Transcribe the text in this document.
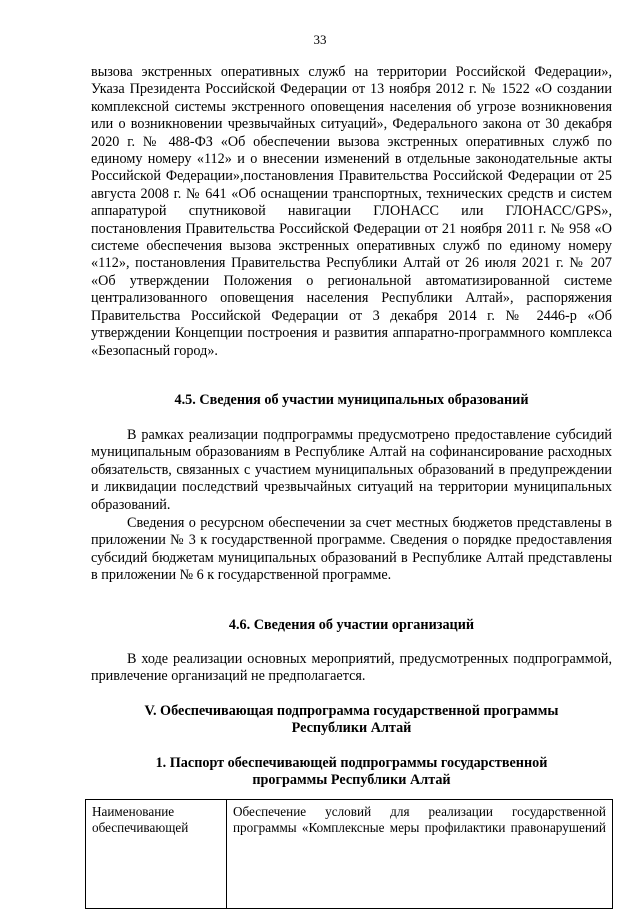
33

вызова экстренных оперативных служб на территории Российской Федерации», Указа Президента Российской Федерации от 13 ноября 2012 г. № 1522 «О создании комплексной системы экстренного оповещения населения об угрозе возникновения или о возникновении чрезвычайных ситуаций», Федерального закона от 30 декабря 2020 г. № 488-ФЗ «Об обеспечении вызова экстренных оперативных служб по единому номеру «112» и о внесении изменений в отдельные законодательные акты Российской Федерации»,постановления Правительства Российской Федерации от 25 августа 2008 г. № 641 «Об оснащении транспортных, технических средств и систем аппаратурой спутниковой навигации ГЛОНАСС или ГЛОНАСС/GPS», постановления Правительства Российской Федерации от 21 ноября 2011 г. № 958 «О системе обеспечения вызова экстренных оперативных служб по единому номеру «112», постановления Правительства Республики Алтай от 26 июля 2021 г. № 207 «Об утверждении Положения о региональной автоматизированной системе централизованного оповещения населения Республики Алтай», распоряжения Правительства Российской Федерации от 3 декабря 2014 г. № 2446-р «Об утверждении Концепции построения и развития аппаратно-программного комплекса «Безопасный город».

4.5. Сведения об участии муниципальных образований

В рамках реализации подпрограммы предусмотрено предоставление субсидий муниципальным образованиям в Республике Алтай на софинансирование расходных обязательств, связанных с участием муниципальных образований в предупреждении и ликвидации последствий чрезвычайных ситуаций на территории муниципальных образований.

Сведения о ресурсном обеспечении за счет местных бюджетов представлены в приложении № 3 к государственной программе. Сведения о порядке предоставления субсидий бюджетам муниципальных образований в Республике Алтай представлены в приложении № 6 к государственной программе.

4.6. Сведения об участии организаций

В ходе реализации основных мероприятий, предусмотренных подпрограммой, привлечение организаций не предполагается.

V. Обеспечивающая подпрограмма государственной программы
Республики Алтай
1. Паспорт обеспечивающей подпрограммы государственной
программы Республики Алтай
Наименование обеспечивающей	Обеспечение условий для реализации государственной программы «Комплексные меры профилактики правонарушений
